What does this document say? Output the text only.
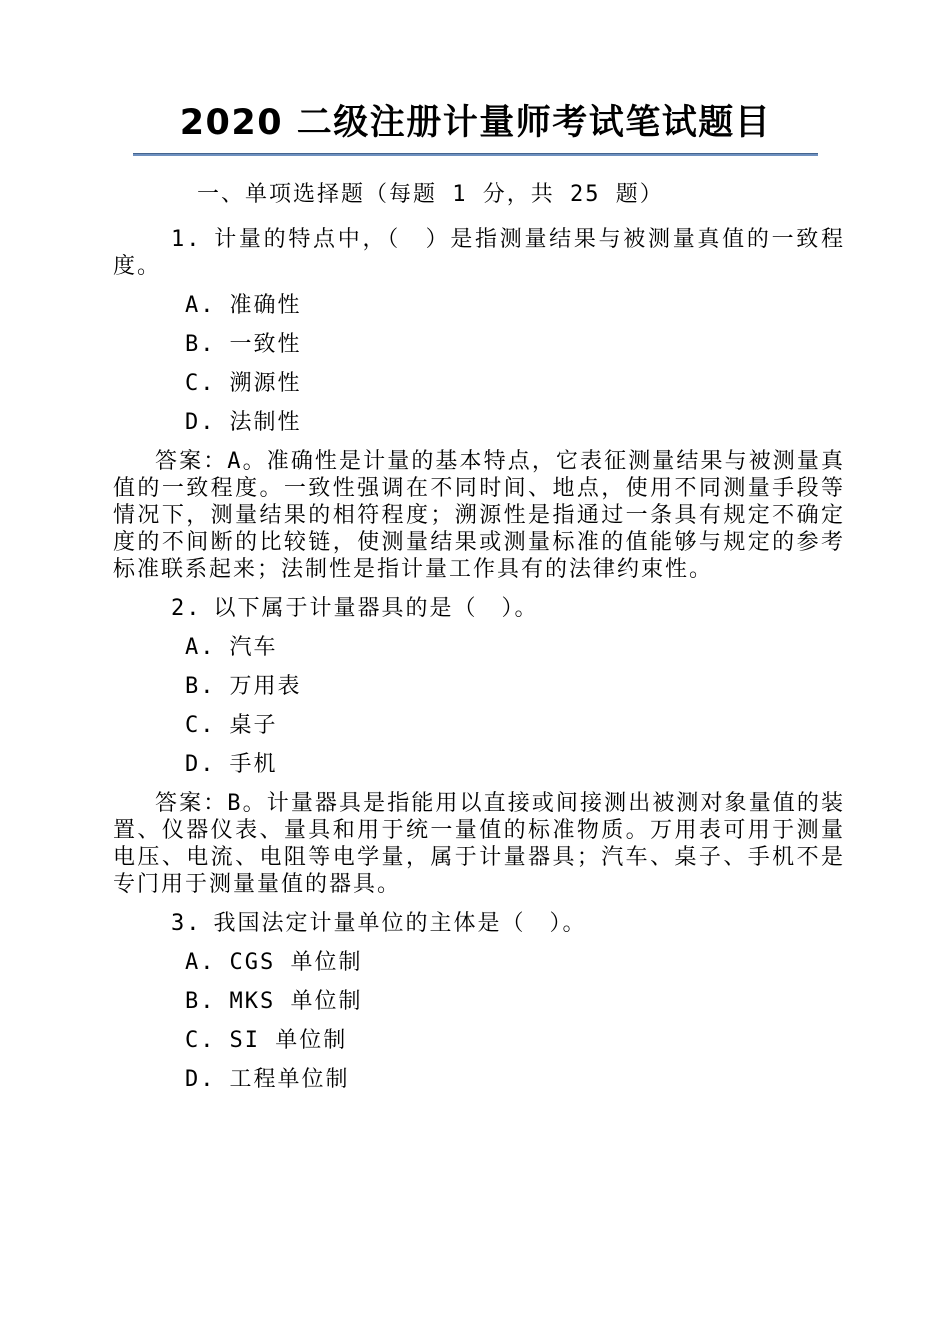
2020 二级注册计量师考试笔试题目

一、单项选择题（每题 1 分，共 25 题）

1. 计量的特点中，（　）是指测量结果与被测量真值的一致程度。

A. 准确性

B. 一致性

C. 溯源性

D. 法制性

答案：A。准确性是计量的基本特点，它表征测量结果与被测量真值的一致程度。一致性强调在不同时间、地点，使用不同测量手段等情况下，测量结果的相符程度；溯源性是指通过一条具有规定不确定度的不间断的比较链，使测量结果或测量标准的值能够与规定的参考标准联系起来；法制性是指计量工作具有的法律约束性。

2. 以下属于计量器具的是（　）。

A. 汽车

B. 万用表

C. 桌子

D. 手机

答案：B。计量器具是指能用以直接或间接测出被测对象量值的装置、仪器仪表、量具和用于统一量值的标准物质。万用表可用于测量电压、电流、电阻等电学量，属于计量器具；汽车、桌子、手机不是专门用于测量量值的器具。

3. 我国法定计量单位的主体是（　）。

A. CGS 单位制

B. MKS 单位制

C. SI 单位制

D. 工程单位制
